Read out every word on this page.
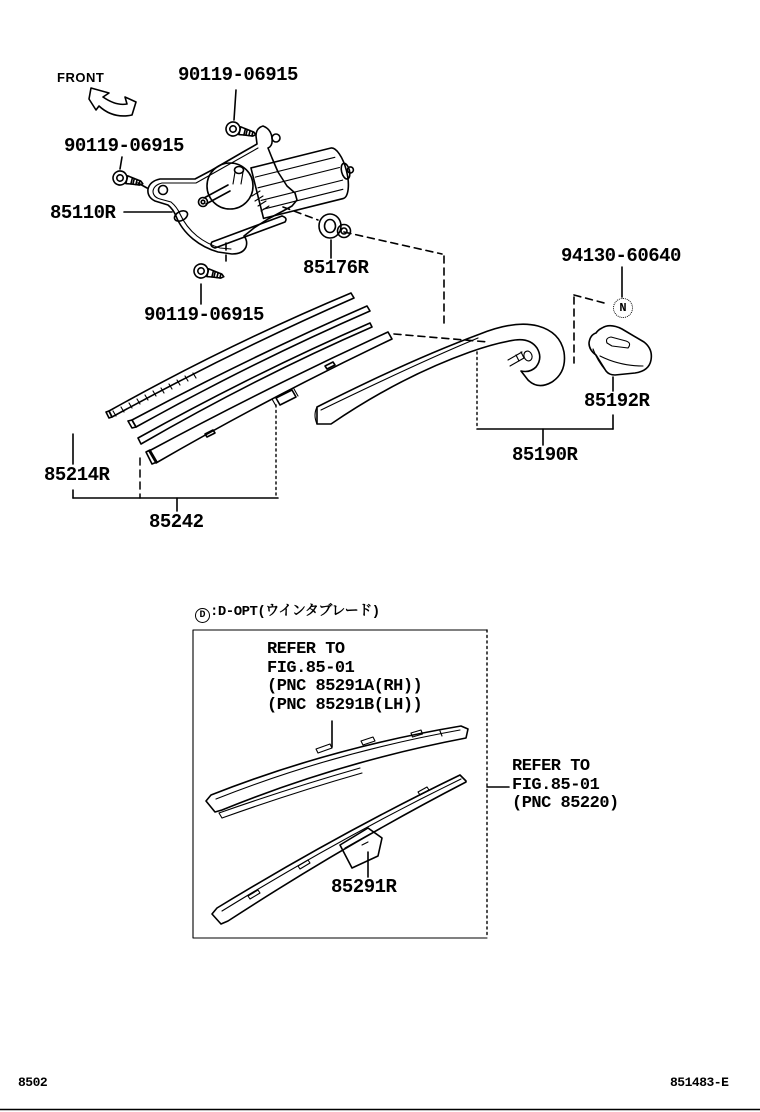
FRONT	90119-06915
90119-06915
85110R
90119-06915
85176R
94130-60640
85192R
85190R
85214R
85242
85291R
N
D :D-OPT(ウインタブレード)
REFER TO
FIG.85-01
(PNC 85291A(RH))
(PNC 85291B(LH))
REFER TO
FIG.85-01
(PNC 85220)
8502	851483-E
